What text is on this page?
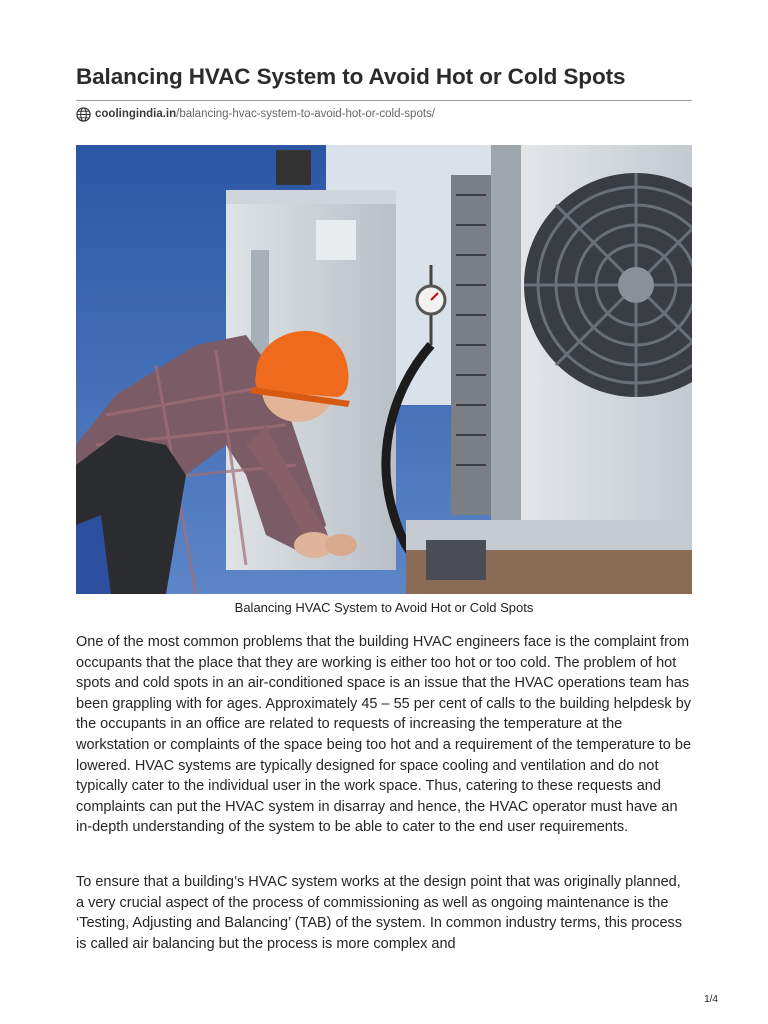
Balancing HVAC System to Avoid Hot or Cold Spots
coolingindia.in /balancing-hvac-system-to-avoid-hot-or-cold-spots/
Balancing HVAC System to Avoid Hot or Cold Spots

One of the most common problems that the building HVAC engineers face is the complaint from occupants that the place that they are working is either too hot or too cold. The problem of hot spots and cold spots in an air-conditioned space is an issue that the HVAC operations team has been grappling with for ages. Approximately 45 – 55 per cent of calls to the building helpdesk by the occupants in an office are related to requests of increasing the temperature at the workstation or complaints of the space being too hot and a requirement of the temperature to be lowered. HVAC systems are typically designed for space cooling and ventilation and do not typically cater to the individual user in the work space. Thus, catering to these requests and complaints can put the HVAC system in disarray and hence, the HVAC operator must have an in-depth understanding of the system to be able to cater to the end user requirements.

To ensure that a building’s HVAC system works at the design point that was originally planned, a very crucial aspect of the process of commissioning as well as ongoing maintenance is the ‘Testing, Adjusting and Balancing’ (TAB) of the system. In common industry terms, this process is called air balancing but the process is more complex and

1/4
